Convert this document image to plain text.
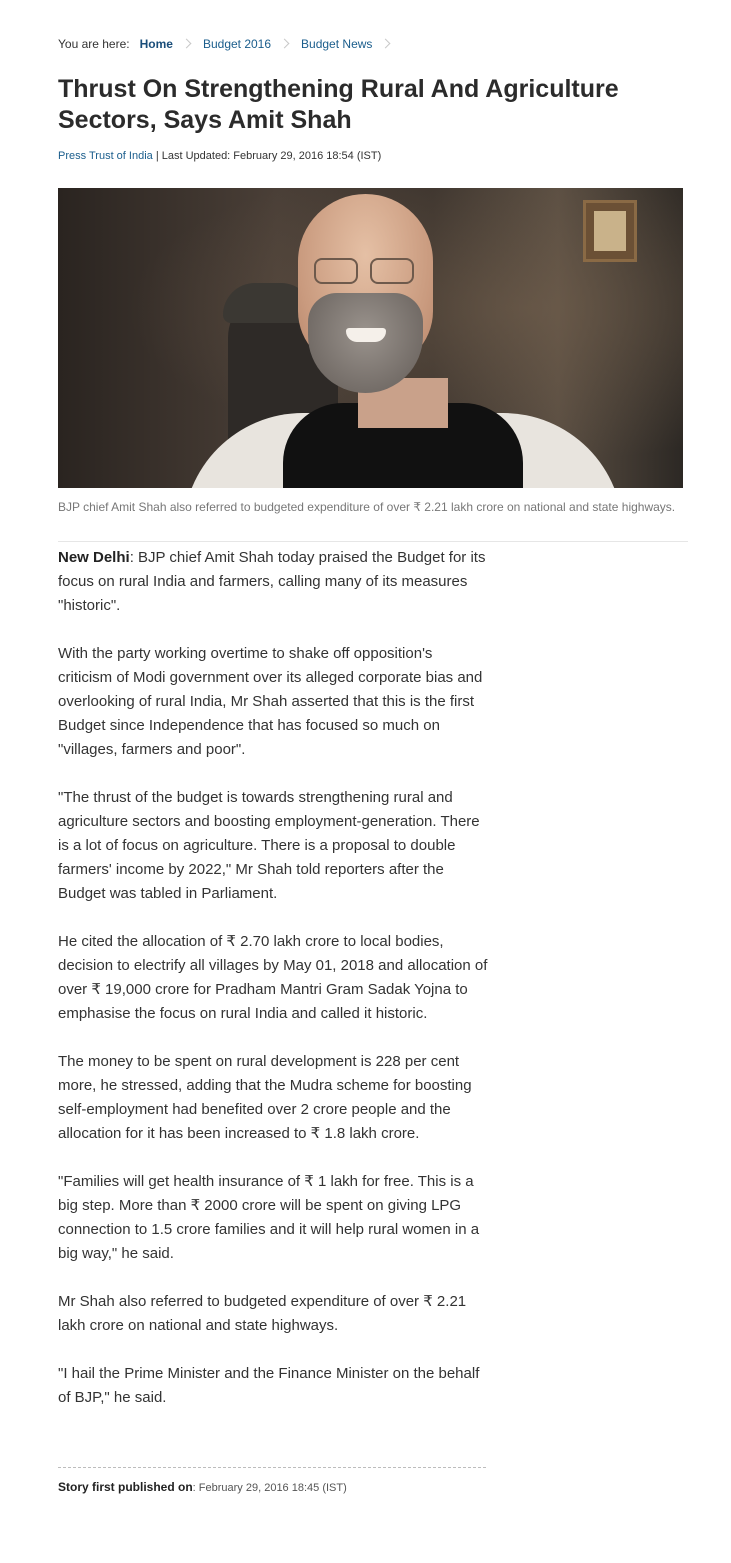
You are here: Home	Budget 2016	Budget News
Thrust On Strengthening Rural And Agriculture Sectors, Says Amit Shah
Press Trust of India | Last Updated: February 29, 2016 18:54 (IST)
BJP chief Amit Shah also referred to budgeted expenditure of over ₹ 2.21 lakh crore on national and state highways.

New Delhi: BJP chief Amit Shah today praised the Budget for its focus on rural India and farmers, calling many of its measures "historic".

With the party working overtime to shake off opposition's criticism of Modi government over its alleged corporate bias and overlooking of rural India, Mr Shah asserted that this is the first Budget since Independence that has focused so much on "villages, farmers and poor".

"The thrust of the budget is towards strengthening rural and agriculture sectors and boosting employment-generation. There is a lot of focus on agriculture. There is a proposal to double farmers' income by 2022," Mr Shah told reporters after the Budget was tabled in Parliament.

He cited the allocation of ₹ 2.70 lakh crore to local bodies, decision to electrify all villages by May 01, 2018 and allocation of over ₹ 19,000 crore for Pradham Mantri Gram Sadak Yojna to emphasise the focus on rural India and called it historic.

The money to be spent on rural development is 228 per cent more, he stressed, adding that the Mudra scheme for boosting self-employment had benefited over 2 crore people and the allocation for it has been increased to ₹ 1.8 lakh crore.

"Families will get health insurance of ₹ 1 lakh for free. This is a big step. More than ₹ 2000 crore will be spent on giving LPG connection to 1.5 crore families and it will help rural women in a big way," he said.

Mr Shah also referred to budgeted expenditure of over ₹ 2.21 lakh crore on national and state highways.

"I hail the Prime Minister and the Finance Minister on the behalf of BJP," he said.

Story first published on: February 29, 2016 18:45 (IST)
